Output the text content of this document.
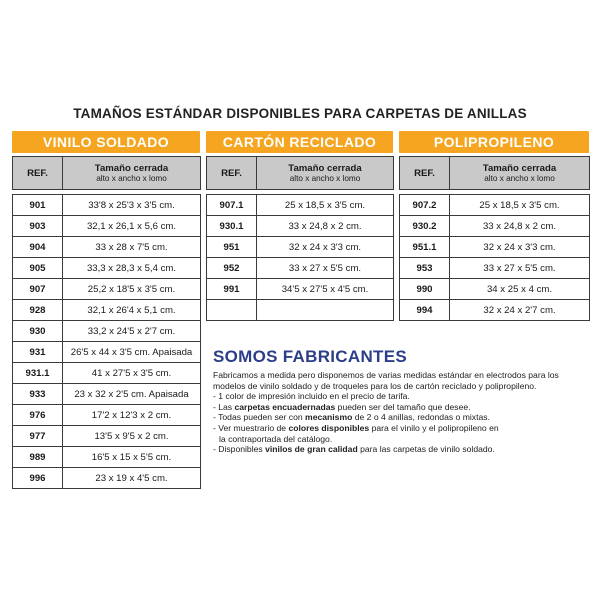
TAMAÑOS ESTÁNDAR DISPONIBLES PARA CARPETAS DE ANILLAS
VINILO SOLDADO
REF.	Tamaño cerrada
alto x ancho x lomo

901	33'8 x 25'3 x 3'5 cm.
903	32,1 x 26,1 x 5,6 cm.
904	33 x 28 x 7'5 cm.
905	33,3 x 28,3 x 5,4 cm.
907	25,2 x 18'5 x 3'5 cm.
928	32,1 x 26'4 x 5,1 cm.
930	33,2 x 24'5 x 2'7 cm.
931	26'5 x 44 x 3'5 cm. Apaisada
931.1	41 x 27'5 x 3'5 cm.
933	23 x 32 x 2'5 cm. Apaisada
976	17'2 x 12'3 x 2 cm.
977	13'5 x 9'5 x 2 cm.
989	16'5 x 15 x 5'5 cm.
996	23 x 19 x 4'5 cm.
CARTÓN RECICLADO
REF.	Tamaño cerrada
alto x ancho x lomo

907.1	25 x 18,5 x 3'5 cm.
930.1	33 x 24,8 x 2 cm.
951	32 x 24 x 3'3 cm.
952	33 x 27 x 5'5 cm.
991	34'5 x 27'5 x 4'5 cm.

POLIPROPILENO
REF.	Tamaño cerrada
alto x ancho x lomo

907.2	25 x 18,5 x 3'5 cm.
930.2	33 x 24,8 x 2 cm.
951.1	32 x 24 x 3'3 cm.
953	33 x 27 x 5'5 cm.
990	34 x 25 x 4 cm.
994	32 x 24 x 2'7 cm.
SOMOS FABRICANTES

Fabricamos a medida pero disponemos de varias medidas estándar en electrodos para los modelos de vinilo soldado y de troqueles para los de cartón reciclado y polipropileno.

- 1 color de impresión incluido en el precio de tarifa.
- Las carpetas encuadernadas pueden ser del tamaño que desee.
- Todas pueden ser con mecanismo de 2 o 4 anillas, redondas o mixtas.
- Ver muestrario de colores disponibles para el vinilo y el polipropileno en
la contraportada del catálogo.
- Disponibles vinilos de gran calidad para las carpetas de vinilo soldado.
